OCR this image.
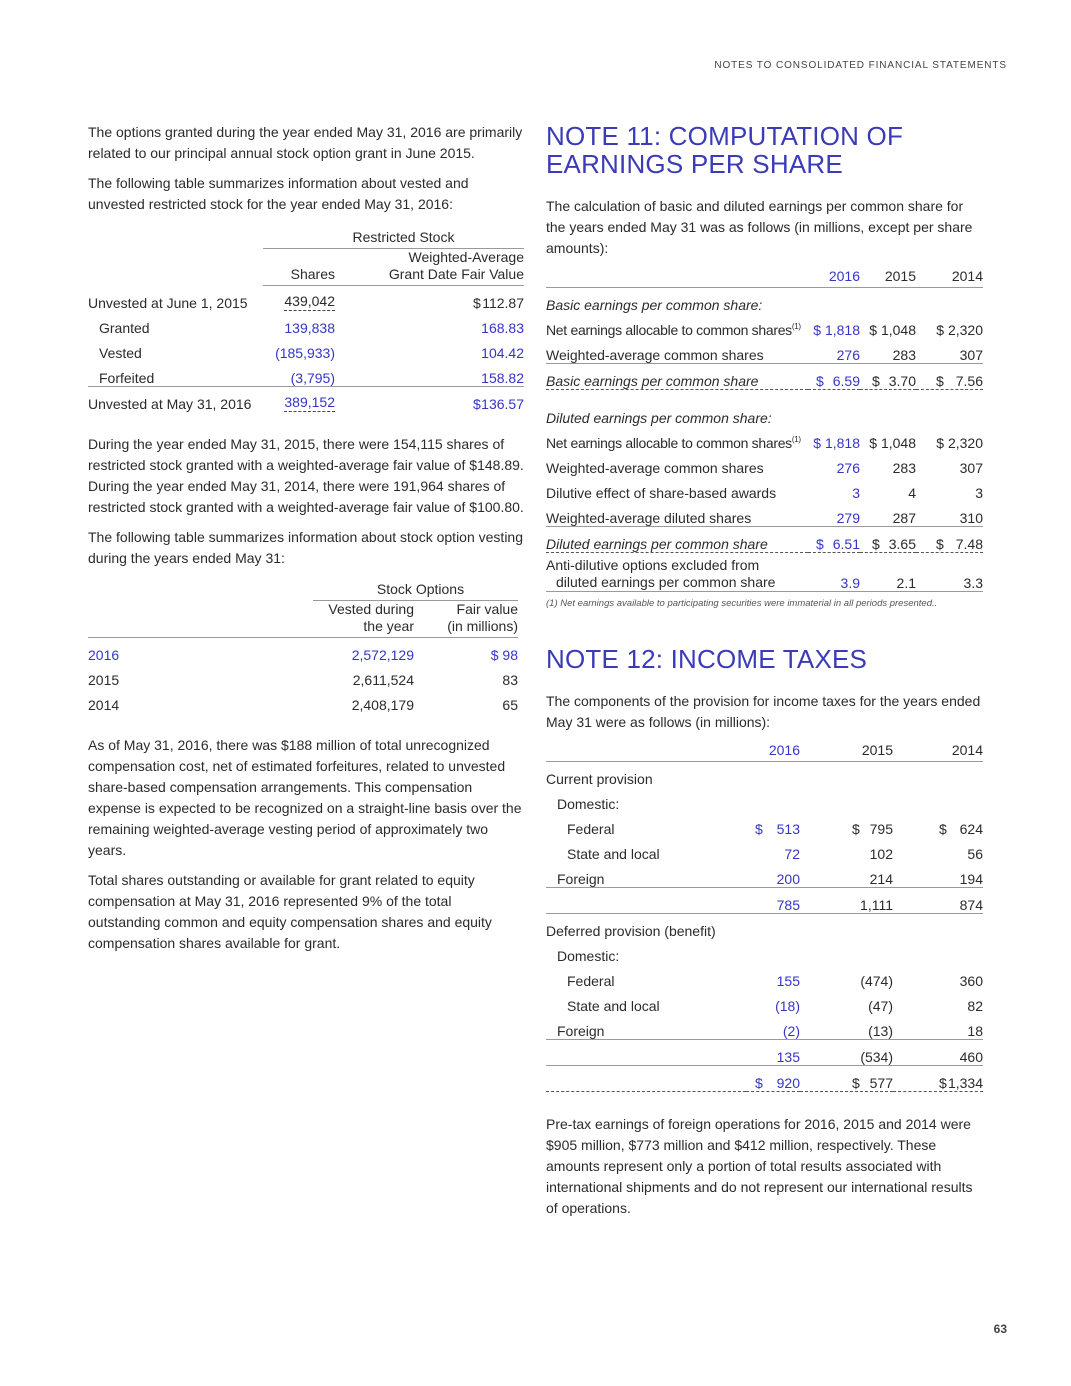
NOTES TO CONSOLIDATED FINANCIAL STATEMENTS

The options granted during the year ended May 31, 2016 are primarily related to our principal annual stock option grant in June 2015.

The following table summarizes information about vested and unvested restricted stock for the year ended May 31, 2016:

	Restricted Stock	
	Shares	Weighted-Average
Grant Date Fair Value
Unvested at June 1, 2015	439,042	$ 112.87
Granted	139,838	168.83
Vested	(185,933)	104.42
Forfeited	(3,795)	158.82
Unvested at May 31, 2016	389,152	$ 136.57

During the year ended May 31, 2015, there were 154,115 shares of restricted stock granted with a weighted-average fair value of $148.89. During the year ended May 31, 2014, there were 191,964 shares of restricted stock granted with a weighted-average fair value of $100.80.

The following table summarizes information about stock option vesting during the years ended May 31:

	Stock Options	
	Vested during
the year	Fair value
(in millions)
2016	2,572,129	$ 98
2015	2,611,524	83
2014	2,408,179	65

As of May 31, 2016, there was $188 million of total unrecognized compensation cost, net of estimated forfeitures, related to unvested share-based compensation arrangements. This compensation expense is expected to be recognized on a straight-line basis over the remaining weighted-average vesting period of approximately two years.

Total shares outstanding or available for grant related to equity compensation at May 31, 2016 represented 9% of the total outstanding common and equity compensation shares and equity compensation shares available for grant.

NOTE 11: COMPUTATION OF EARNINGS PER SHARE

The calculation of basic and diluted earnings per common share for the years ended May 31 was as follows (in millions, except per share amounts):

	2016	2015	2014
Basic earnings per common share:			
Net earnings allocable to common shares$^{(1)}$	$ 1,818	$ 1,048	$ 2,320
Weighted-average common shares	276	283	307
Basic earnings per common share	$ 6.59	$ 3.70	$ 7.56
Diluted earnings per common share:			
Net earnings allocable to common shares$^{(1)}$	$ 1,818	$ 1,048	$ 2,320
Weighted-average common shares	276	283	307
Dilutive effect of share-based awards	3	4	3
Weighted-average diluted shares	279	287	310
Diluted earnings per common share	$ 6.51	$ 3.65	$ 7.48
Anti-dilutive options excluded from
diluted earnings per common share	3.9	2.1	3.3
(1) Net earnings available to participating securities were immaterial in all periods presented..
NOTE 12: INCOME TAXES

The components of the provision for income taxes for the years ended May 31 were as follows (in millions):

	2016	2015	2014
Current provision			
Domestic:			
Federal	$ 513	$ 795	$ 624
State and local	72	102	56
Foreign	200	214	194
	785	1,111	874
Deferred provision (benefit)			
Domestic:			
Federal	155	(474)	360
State and local	(18)	(47)	82
Foreign	(2)	(13)	18
	135	(534)	460

	$ 920	$ 577	$ 1,334

Pre-tax earnings of foreign operations for 2016, 2015 and 2014 were $905 million, $773 million and $412 million, respectively. These amounts represent only a portion of total results associated with international shipments and do not represent our international results of operations.

63
